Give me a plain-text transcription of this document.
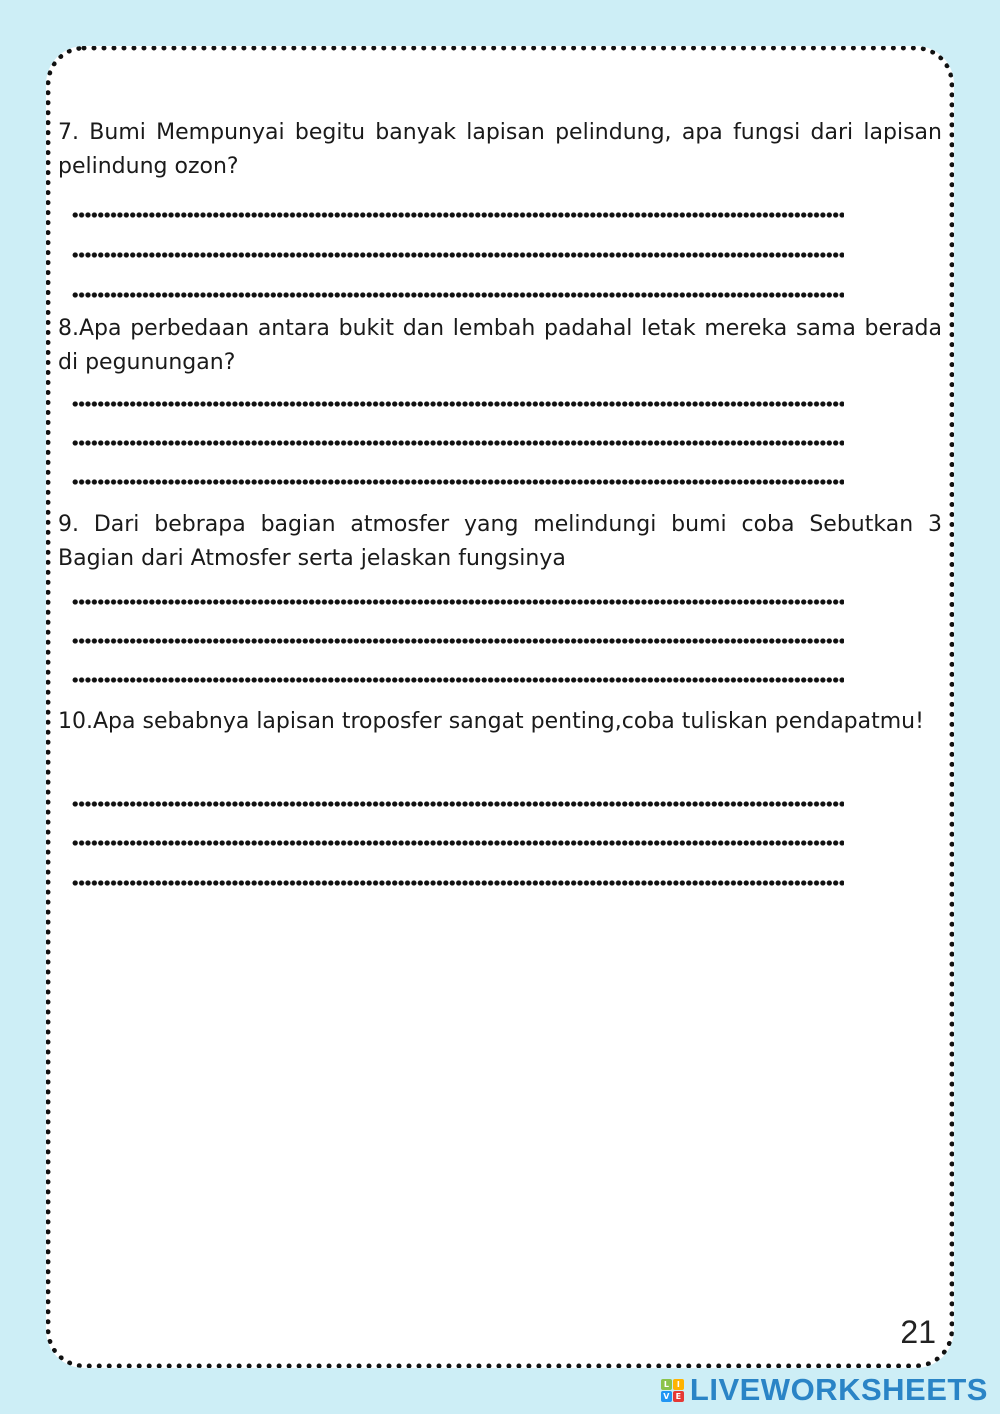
7. Bumi Mempunyai begitu banyak lapisan pelindung, apa fungsi dari lapisan pelindung ozon?

8.Apa perbedaan antara bukit dan lembah padahal letak mereka sama berada di pegunungan?

9. Dari bebrapa bagian atmosfer yang melindungi bumi coba Sebutkan 3 Bagian dari Atmosfer serta jelaskan fungsinya

10.Apa sebabnya lapisan troposfer sangat penting,coba tuliskan pendapatmu!

21
L I
V E LIVEWORKSHEETS
